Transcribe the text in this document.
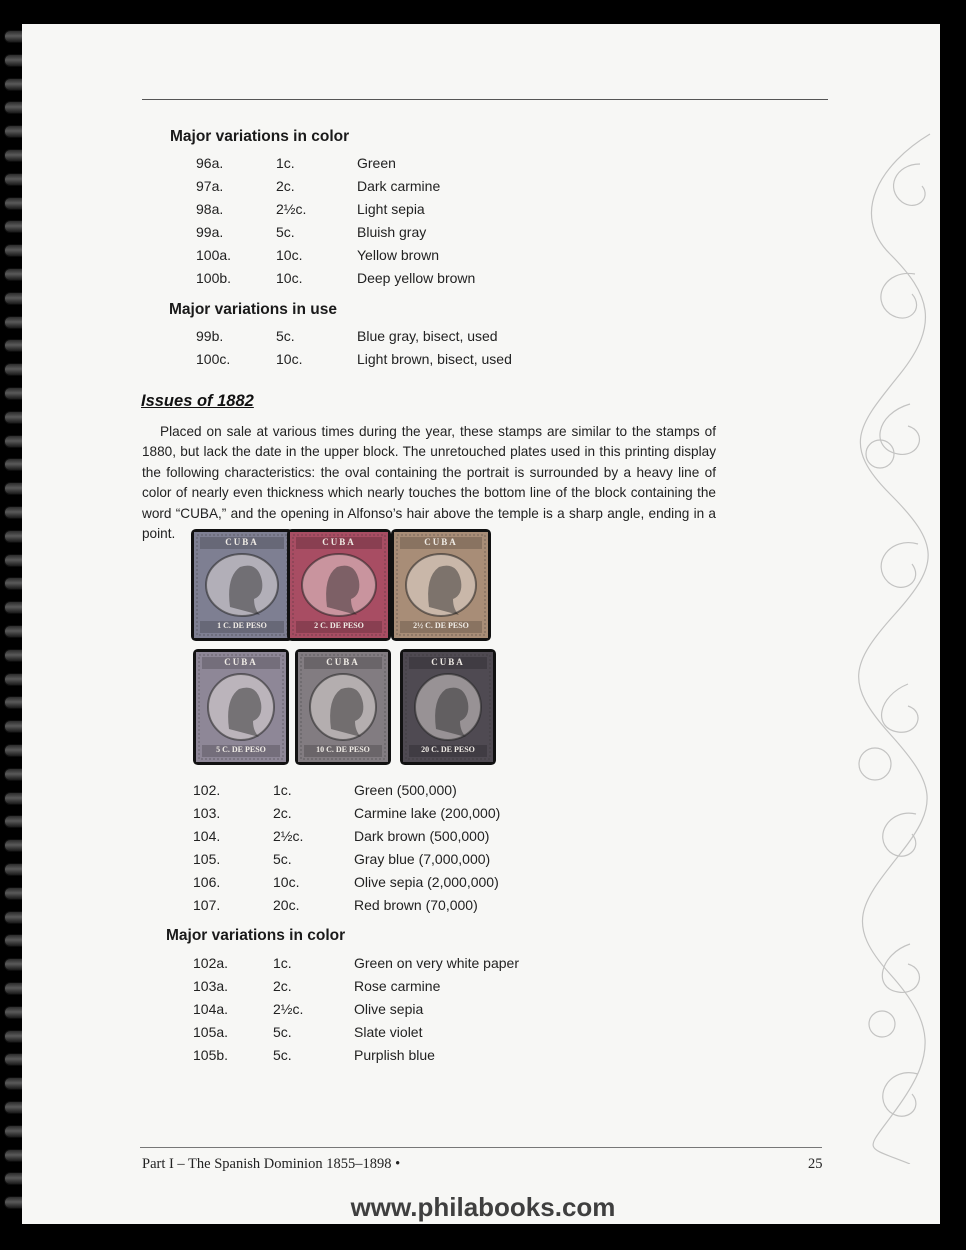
Major variations in color
96a.	1c.	Green
97a.	2c.	Dark carmine
98a.	2½c.	Light sepia
99a.	5c.	Bluish gray
100a.	10c.	Yellow brown
100b.	10c.	Deep yellow brown
Major variations in use
99b.	5c.	Blue gray, bisect, used
100c.	10c.	Light brown, bisect, used
Issues of 1882
Placed on sale at various times during the year, these stamps are similar to the stamps of 1880, but lack the date in the upper block. The unretouched plates used in this printing display the following characteristics: the oval containing the portrait is surrounded by a heavy line of color of nearly even thickness which nearly touches the bottom line of the block containing the word “CUBA,” and the opening in Alfonso’s hair above the temple is a sharp angle, ending in a point.
CUBA
1 C. DE PESO
CUBA
2 C. DE PESO
CUBA
2½ C. DE PESO
CUBA
5 C. DE PESO
CUBA
10 C. DE PESO
CUBA
20 C. DE PESO
102.	1c.	Green (500,000)
103.	2c.	Carmine lake (200,000)
104.	2½c.	Dark brown (500,000)
105.	5c.	Gray blue (7,000,000)
106.	10c.	Olive sepia (2,000,000)
107.	20c.	Red brown (70,000)
Major variations in color
102a.	1c.	Green on very white paper
103a.	2c.	Rose carmine
104a.	2½c.	Olive sepia
105a.	5c.	Slate violet
105b.	5c.	Purplish blue
Part I – The Spanish Dominion 1855–1898 •	25
www.philabooks.com
